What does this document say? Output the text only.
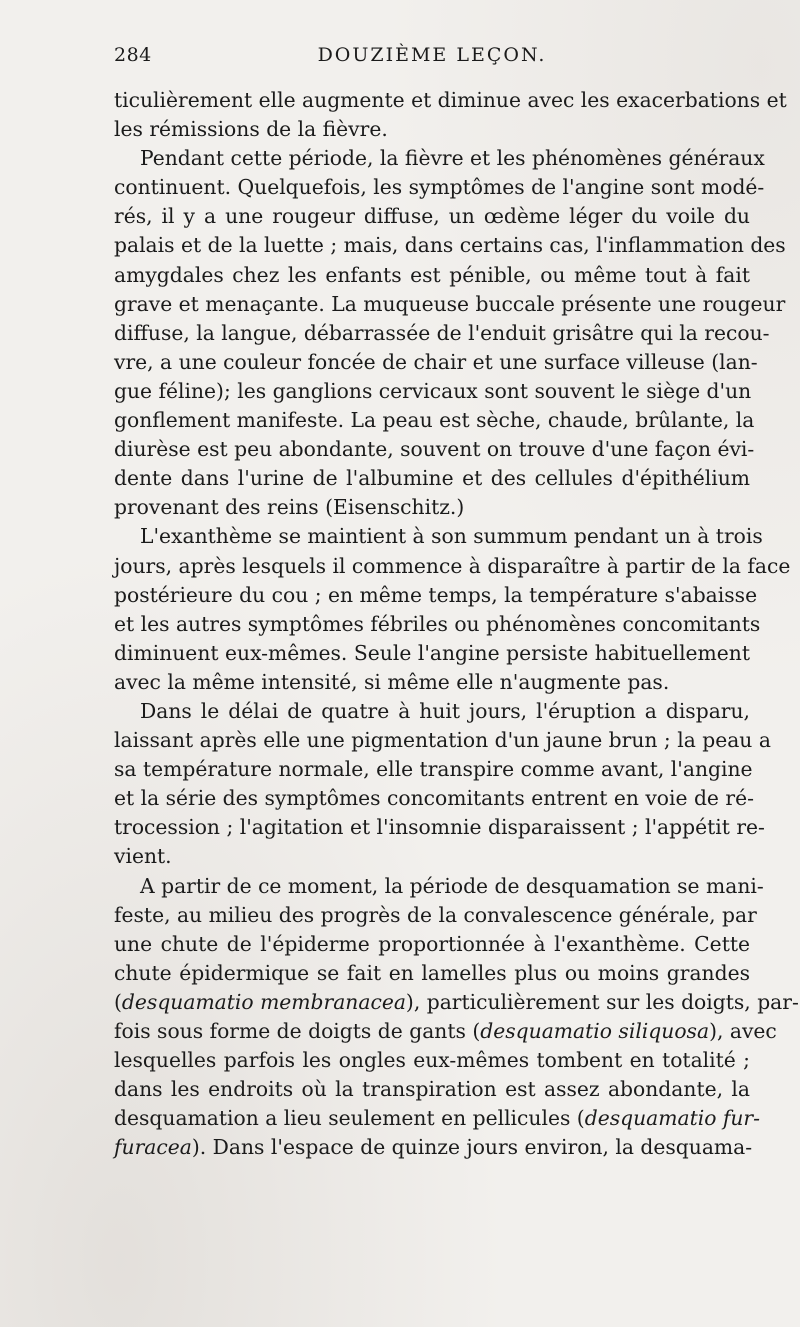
284	DOUZIÈME LEÇON.
ticulièrement elle augmente et diminue avec les exacerbations et
les rémissions de la fièvre.
Pendant cette période, la fièvre et les phénomènes généraux
continuent. Quelquefois, les symptômes de l'angine sont modé-
rés, il y a une rougeur diffuse, un œdème léger du voile du
palais et de la luette ; mais, dans certains cas, l'inflammation des
amygdales chez les enfants est pénible, ou même tout à fait
grave et menaçante. La muqueuse buccale présente une rougeur
diffuse, la langue, débarrassée de l'enduit grisâtre qui la recou-
vre, a une couleur foncée de chair et une surface villeuse (lan-
gue féline); les ganglions cervicaux sont souvent le siège d'un
gonflement manifeste. La peau est sèche, chaude, brûlante, la
diurèse est peu abondante, souvent on trouve d'une façon évi-
dente dans l'urine de l'albumine et des cellules d'épithélium
provenant des reins (Eisenschitz.)
L'exanthème se maintient à son summum pendant un à trois
jours, après lesquels il commence à disparaître à partir de la face
postérieure du cou ; en même temps, la température s'abaisse
et les autres symptômes fébriles ou phénomènes concomitants
diminuent eux-mêmes. Seule l'angine persiste habituellement
avec la même intensité, si même elle n'augmente pas.
Dans le délai de quatre à huit jours, l'éruption a disparu,
laissant après elle une pigmentation d'un jaune brun ; la peau a
sa température normale, elle transpire comme avant, l'angine
et la série des symptômes concomitants entrent en voie de ré-
trocession ; l'agitation et l'insomnie disparaissent ; l'appétit re-
vient.
A partir de ce moment, la période de desquamation se mani-
feste, au milieu des progrès de la convalescence générale, par
une chute de l'épiderme proportionnée à l'exanthème. Cette
chute épidermique se fait en lamelles plus ou moins grandes
(desquamatio membranacea), particulièrement sur les doigts, par-
fois sous forme de doigts de gants (desquamatio siliquosa), avec
lesquelles parfois les ongles eux-mêmes tombent en totalité ;
dans les endroits où la transpiration est assez abondante, la
desquamation a lieu seulement en pellicules (desquamatio fur-
furacea). Dans l'espace de quinze jours environ, la desquama-
